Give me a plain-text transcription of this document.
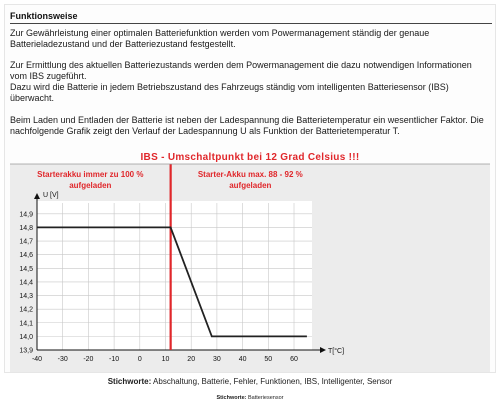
Funktionsweise

Zur Gewährleistung einer optimalen Batteriefunktion werden vom Powermanagement ständig der genaue Batterieladezustand und der Batteriezustand festgestellt.

Zur Ermittlung des aktuellen Batteriezustands werden dem Powermanagement die dazu notwendigen Informationen vom IBS zugeführt.
Dazu wird die Batterie in jedem Betriebszustand des Fahrzeugs ständig vom intelligenten Batteriesensor (IBS) überwacht.

Beim Laden und Entladen der Batterie ist neben der Ladespannung die Batterietemperatur ein wesentlicher Faktor. Die nachfolgende Grafik zeigt den Verlauf der Ladespannung U als Funktion der Batterietemperatur T.

IBS - Umschaltpunkt bei 12 Grad Celsius !!!
-40 -30 -20 -10	0	10	20	30	40	50	60
13,9
14,0
14,1
14,2
14,3
14,4
14,5
14,6
14,7
14,8
14,9
U [V]
T[°C]
Starterakku immer zu 100 %
aufgeladen
Starter-Akku max. 88 - 92 %
aufgeladen
Stichworte: Abschaltung, Batterie, Fehler, Funktionen, IBS, Intelligenter, Sensor
Stichworte: Batteriesensor
